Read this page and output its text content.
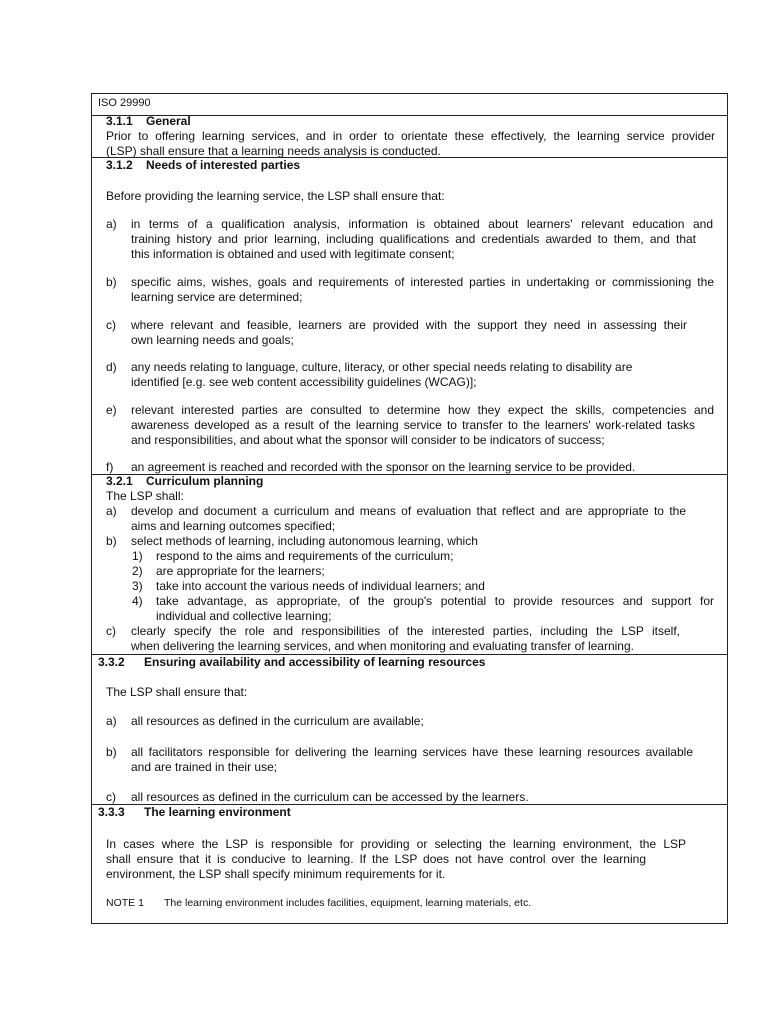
ISO 29990
3.1.1 General
Prior to offering learning services, and in order to orientate these effectively, the learning service provider
(LSP) shall ensure that a learning needs analysis is conducted.
3.1.2 Needs of interested parties
Before providing the learning service, the LSP shall ensure that:
a) in terms of a qualification analysis, information is obtained about learners' relevant education and
training history and prior learning, including qualifications and credentials awarded to them, and that
this information is obtained and used with legitimate consent;
b) specific aims, wishes, goals and requirements of interested parties in undertaking or commissioning the
learning service are determined;
c) where relevant and feasible, learners are provided with the support they need in assessing their
own learning needs and goals;
d) any needs relating to language, culture, literacy, or other special needs relating to disability are
identified [e.g. see web content accessibility guidelines (WCAG)];
e) relevant interested parties are consulted to determine how they expect the skills, competencies and
awareness developed as a result of the learning service to transfer to the learners' work-related tasks
and responsibilities, and about what the sponsor will consider to be indicators of success;
f) an agreement is reached and recorded with the sponsor on the learning service to be provided.
3.2.1 Curriculum planning
The LSP shall:
a) develop and document a curriculum and means of evaluation that reflect and are appropriate to the
aims and learning outcomes specified;
b) select methods of learning, including autonomous learning, which
1) respond to the aims and requirements of the curriculum;
2) are appropriate for the learners;
3) take into account the various needs of individual learners; and
4) take advantage, as appropriate, of the group's potential to provide resources and support for
individual and collective learning;
c) clearly specify the role and responsibilities of the interested parties, including the LSP itself,
when delivering the learning services, and when monitoring and evaluating transfer of learning.
3.3.2 Ensuring availability and accessibility of learning resources
The LSP shall ensure that:
a) all resources as defined in the curriculum are available;
b) all facilitators responsible for delivering the learning services have these learning resources available
and are trained in their use;
c) all resources as defined in the curriculum can be accessed by the learners.
3.3.3 The learning environment
In cases where the LSP is responsible for providing or selecting the learning environment, the LSP
shall ensure that it is conducive to learning. If the LSP does not have control over the learning
environment, the LSP shall specify minimum requirements for it.
NOTE 1 The learning environment includes facilities, equipment, learning materials, etc.
